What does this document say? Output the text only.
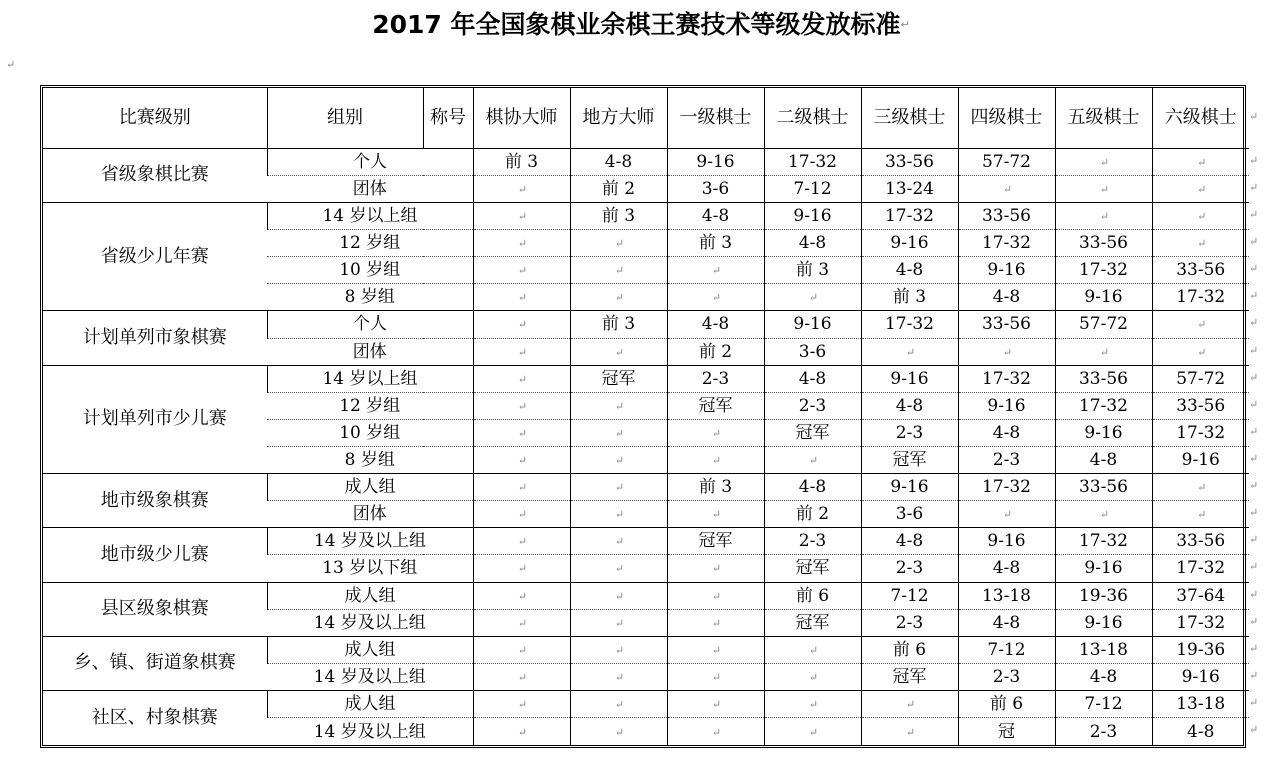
2017 年全国象棋业余棋王赛技术等级发放标准↵
↵
比赛级别	组别	称号	棋协大师	地方大师	一级棋士	二级棋士	三级棋士	四级棋士	五级棋士	六级棋士
省级象棋比赛	个人		前 3	4-8	9-16	17-32	33-56	57-72	↵	↵
	团体	↵		前 2	3-6	7-12	13-24	↵	↵	↵
省级少儿年赛	14 岁以上组	↵		前 3	4-8	9-16	17-32	33-56	↵	↵
	12 岁组	↵	↵		前 3	4-8	9-16	17-32	33-56	↵
	10 岁组	↵	↵	↵		前 3	4-8	9-16	17-32	33-56
	8 岁组	↵	↵	↵	↵		前 3	4-8	9-16	17-32
计划单列市象棋赛	个人	↵		前 3	4-8	9-16	17-32	33-56	57-72	↵
	团体	↵	↵		前 2	3-6	↵	↵	↵	↵
计划单列市少儿赛	14 岁以上组	↵		冠军	2-3	4-8	9-16	17-32	33-56	57-72
	12 岁组	↵	↵		冠军	2-3	4-8	9-16	17-32	33-56
	10 岁组	↵	↵	↵		冠军	2-3	4-8	9-16	17-32
	8 岁组	↵	↵	↵	↵		冠军	2-3	4-8	9-16
地市级象棋赛	成人组	↵	↵		前 3	4-8	9-16	17-32	33-56	↵
	团体	↵	↵	↵		前 2	3-6	↵	↵	↵
地市级少儿赛	14 岁及以上组	↵	↵		冠军	2-3	4-8	9-16	17-32	33-56
	13 岁以下组	↵	↵	↵		冠军	2-3	4-8	9-16	17-32
县区级象棋赛	成人组	↵	↵	↵		前 6	7-12	13-18	19-36	37-64
	14 岁及以上组	↵	↵	↵		冠军	2-3	4-8	9-16	17-32
乡、镇、街道象棋赛	成人组	↵	↵	↵	↵		前 6	7-12	13-18	19-36
	14 岁及以上组	↵	↵	↵	↵		冠军	2-3	4-8	9-16
社区、村象棋赛	成人组	↵	↵	↵	↵	↵		前 6	7-12	13-18
	14 岁及以上组	↵	↵	↵	↵	↵		冠	2-3	4-8
↵
↵
↵
↵
↵
↵
↵
↵
↵
↵
↵
↵
↵
↵
↵
↵
↵
↵
↵
↵
↵
↵
↵
